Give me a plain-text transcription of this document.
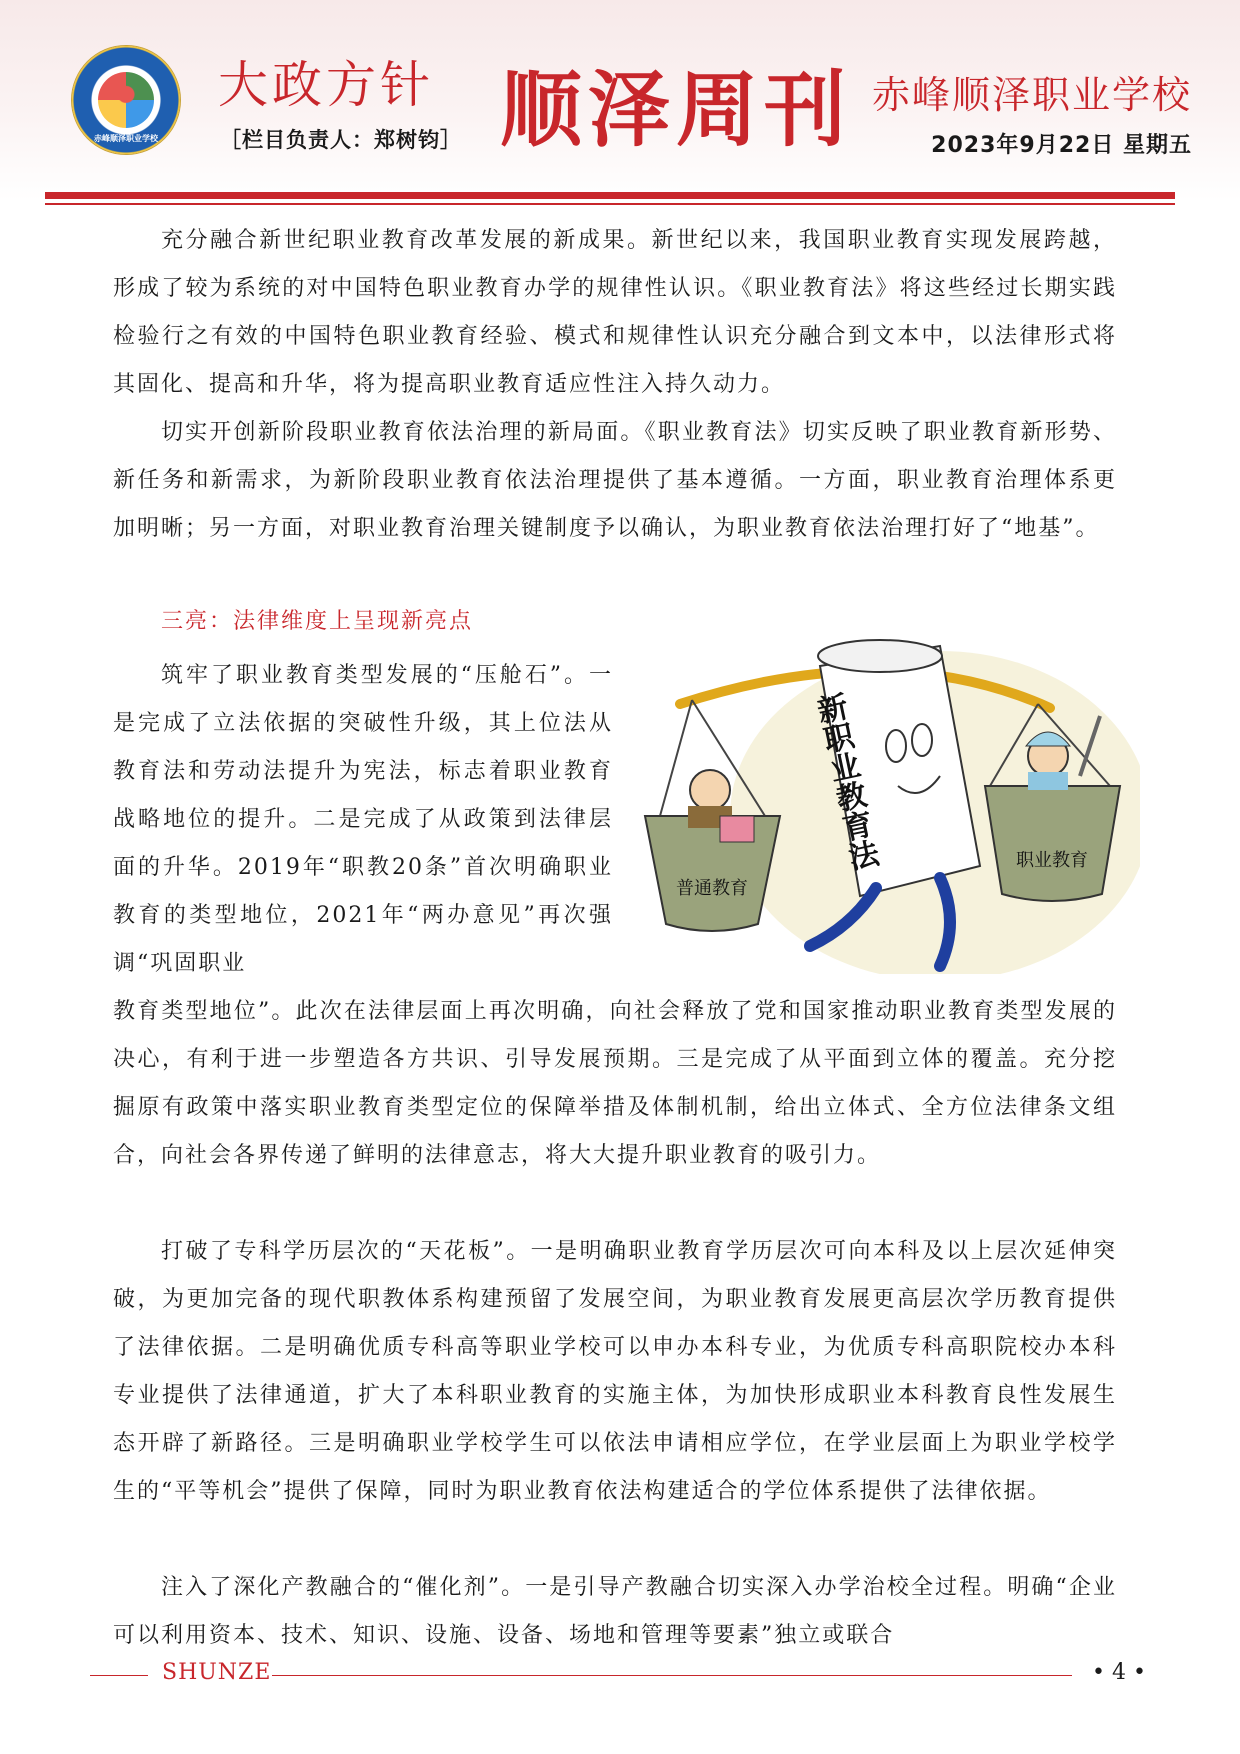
赤峰顺泽职业学校
大政方针
［栏目负责人：郑树钧］ 顺泽周刊 赤峰顺泽职业学校
2023年9月22日 星期五

充分融合新世纪职业教育改革发展的新成果。新世纪以来，我国职业教育实现发展跨越，形成了较为系统的对中国特色职业教育办学的规律性认识。《职业教育法》将这些经过长期实践检验行之有效的中国特色职业教育经验、模式和规律性认识充分融合到文本中，以法律形式将其固化、提高和升华，将为提高职业教育适应性注入持久动力。

切实开创新阶段职业教育依法治理的新局面。《职业教育法》切实反映了职业教育新形势、新任务和新需求，为新阶段职业教育依法治理提供了基本遵循。一方面，职业教育治理体系更加明晰；另一方面，对职业教育治理关键制度予以确认，为职业教育依法治理打好了“地基”。

三亮：法律维度上呈现新亮点

筑牢了职业教育类型发展的“压舱石”。一是完成了立法依据的突破性升级，其上位法从教育法和劳动法提升为宪法，标志着职业教育战略地位的提升。二是完成了从政策到法律层面的升华。2019年“职教20条”首次明确职业教育的类型地位，2021年“两办意见”再次强调“巩固职业

教育类型地位”。此次在法律层面上再次明确，向社会释放了党和国家推动职业教育类型发展的决心，有利于进一步塑造各方共识、引导发展预期。三是完成了从平面到立体的覆盖。充分挖掘原有政策中落实职业教育类型定位的保障举措及体制机制，给出立体式、全方位法律条文组合，向社会各界传递了鲜明的法律意志，将大大提升职业教育的吸引力。

打破了专科学历层次的“天花板”。一是明确职业教育学历层次可向本科及以上层次延伸突破，为更加完备的现代职教体系构建预留了发展空间，为职业教育发展更高层次学历教育提供了法律依据。二是明确优质专科高等职业学校可以申办本科专业，为优质专科高职院校办本科专业提供了法律通道，扩大了本科职业教育的实施主体，为加快形成职业本科教育良性发展生态开辟了新路径。三是明确职业学校学生可以依法申请相应学位，在学业层面上为职业学校学生的“平等机会”提供了保障，同时为职业教育依法构建适合的学位体系提供了法律依据。

注入了深化产教融合的“催化剂”。一是引导产教融合切实深入办学治校全过程。明确“企业可以利用资本、技术、知识、设施、设备、场地和管理等要素”独立或联合

普通教育
职业教育
新职业教育法
SHUNZE	• 4 •
